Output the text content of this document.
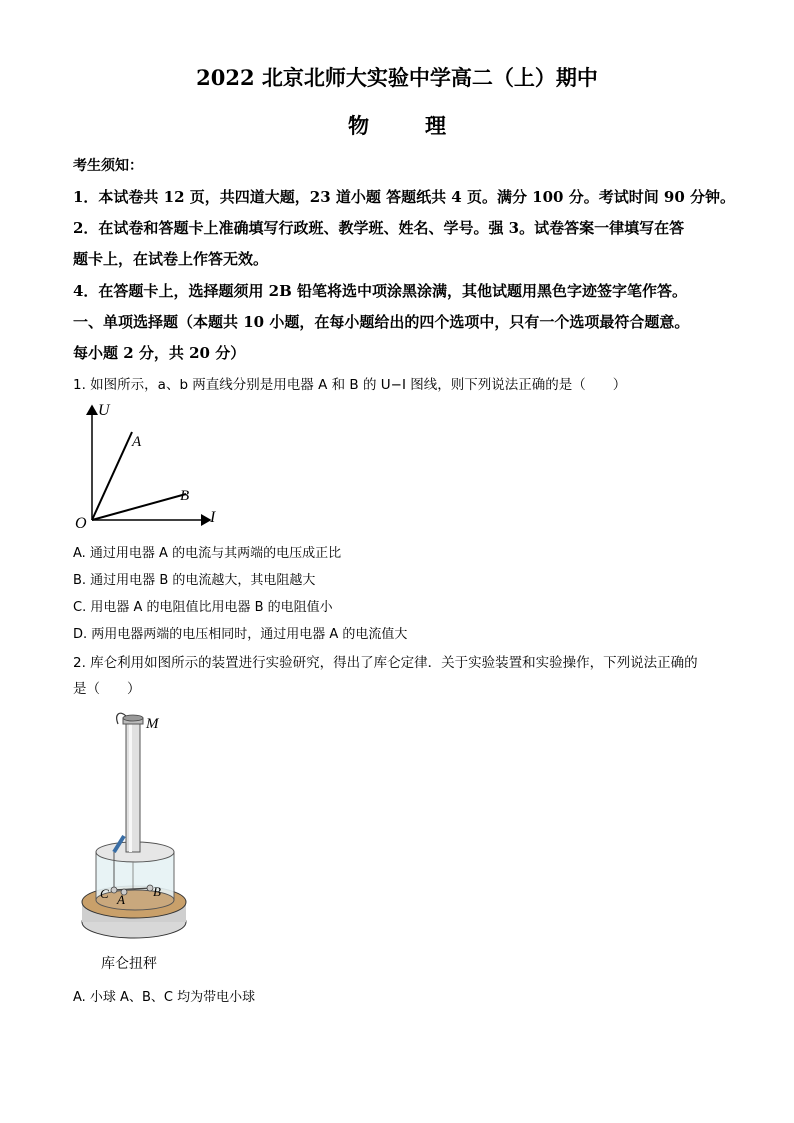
2022 北京北师大实验中学高二（上）期中
物理
考生须知：
1．本试卷共 12 页，共四道大题，23 道小题 答题纸共 4 页。满分 100 分。考试时间 90 分钟。
2．在试卷和答题卡上准确填写行政班、教学班、姓名、学号。强 3。试卷答案一律填写在答
题卡上，在试卷上作答无效。
4．在答题卡上，选择题须用 2B 铅笔将选中项涂黑涂满，其他试题用黑色字迹签字笔作答。
一、单项选择题（本题共 10 小题，在每小题给出的四个选项中，只有一个选项最符合题意。
每小题 2 分，共 20 分）
1. 如图所示，a、b 两直线分别是用电器 A 和 B 的 U−I 图线，则下列说法正确的是（　　）
U
I
O
A
B
A. 通过用电器 A 的电流与其两端的电压成正比
B. 通过用电器 B 的电流越大，其电阻越大
C. 用电器 A 的电阻值比用电器 B 的电阻值小
D. 两用电器两端的电压相同时，通过用电器 A 的电流值大
2. 库仑利用如图所示的装置进行实验研究，得出了库仑定律．关于实验装置和实验操作，下列说法正确的
是（　　）
M
C A
B
库仑扭秤
A. 小球 A、B、C 均为带电小球
